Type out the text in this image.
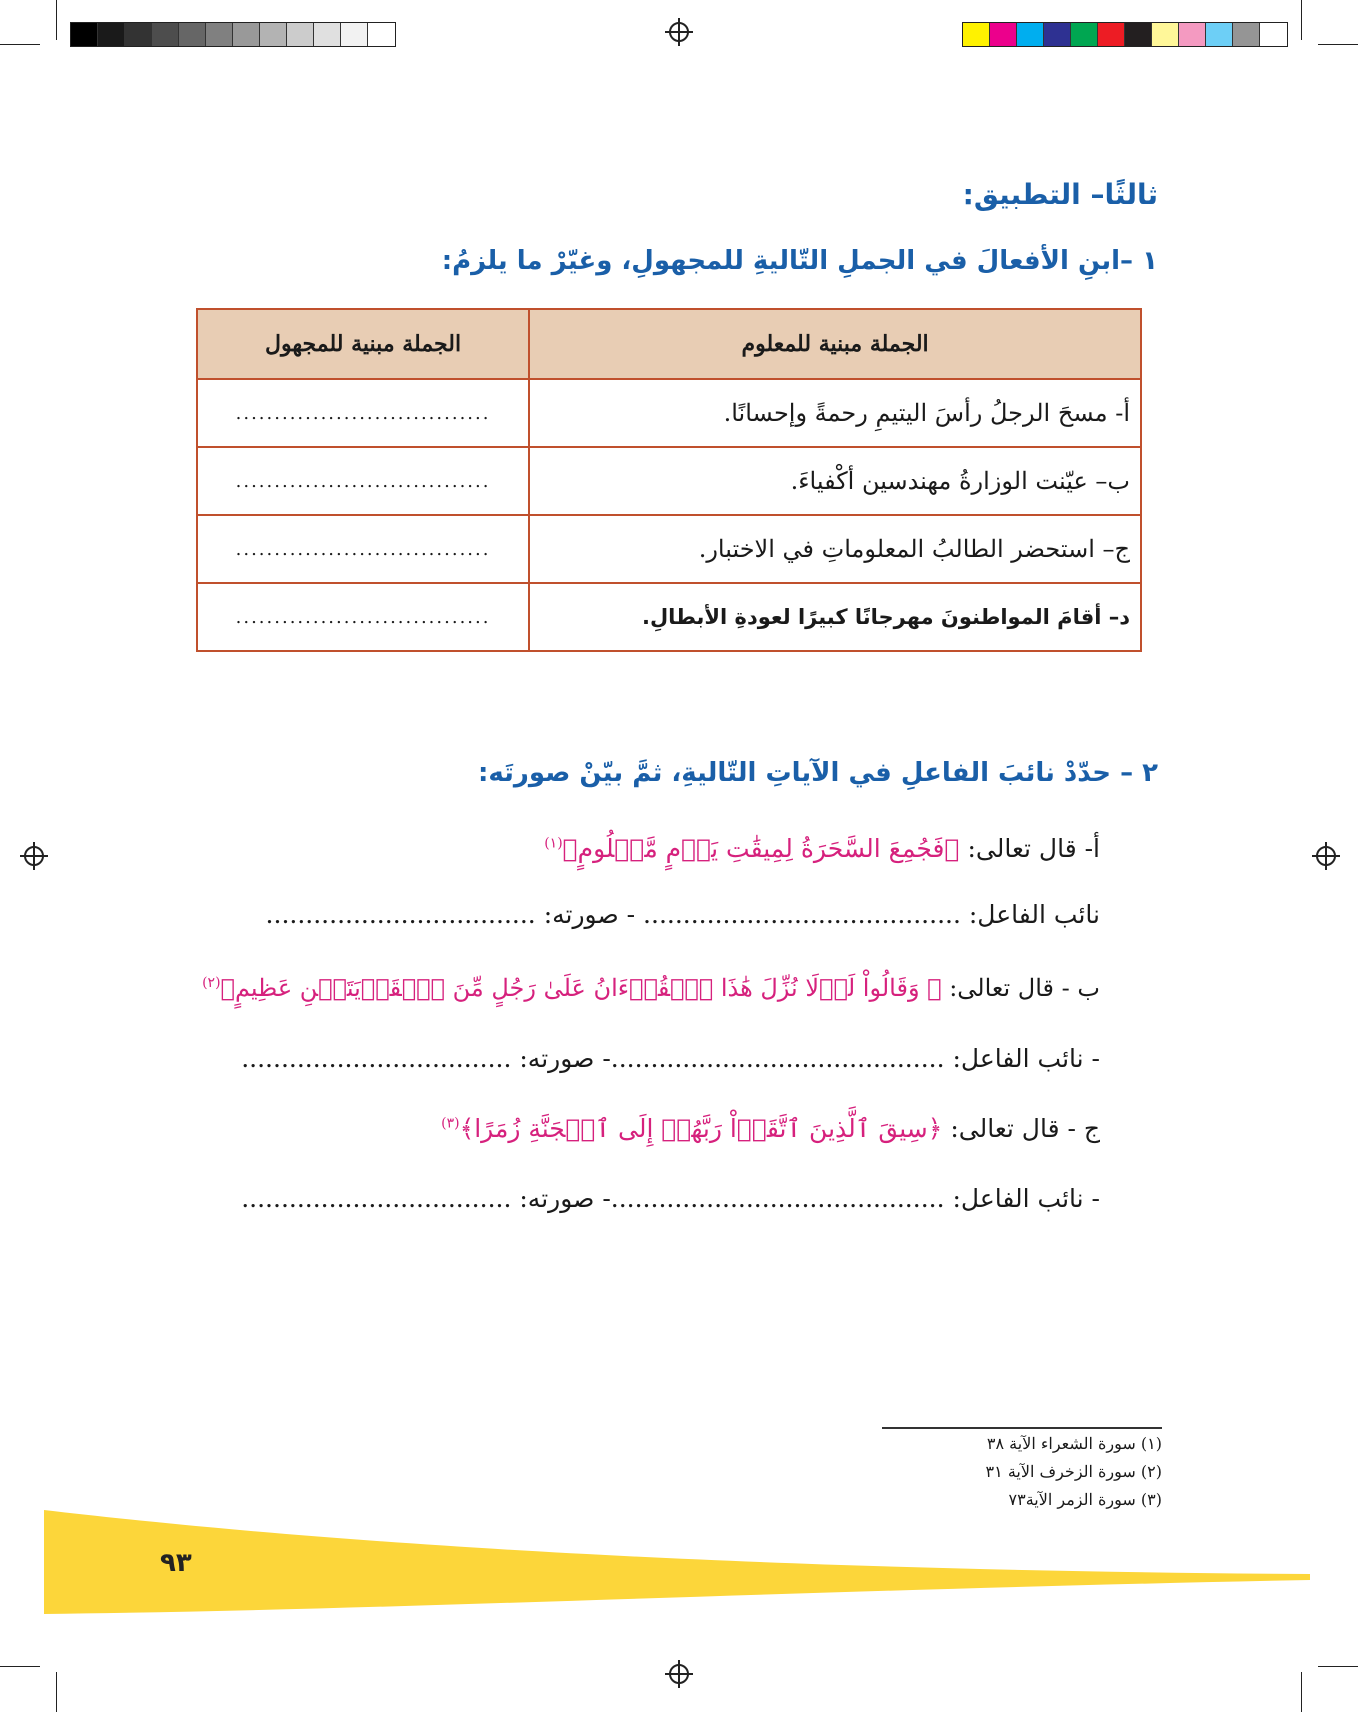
ثالثًا– التطبيق:
١ –ابنِ الأفعالَ في الجملِ التّاليةِ للمجهولِ، وغيّرْ ما يلزمُ:
الجملة مبنية للمعلوم	الجملة مبنية للمجهول
أ- مسحَ الرجلُ رأسَ اليتيمِ رحمةً وإحسانًا.	.................................
ب– عيّنت الوزارةُ مهندسين أكْفياءَ.	.................................
ج– استحضر الطالبُ المعلوماتِ في الاختبار.	.................................
د– أقامَ المواطنونَ مهرجانًا كبيرًا لعودةِ الأبطالِ.	.................................
٢ – حدّدْ نائبَ الفاعلِ في الآياتِ التّاليةِ، ثمَّ بيّنْ صورتَه:
أ- قال تعالى: ﴿فَجُمِعَ السَّحَرَةُ لِمِيقَٰتِ يَوۡمٍ مَّعۡلُومٍ﴾$^{(١)}$
نائب الفاعل: ........................................ - صورته: ..................................
ب - قال تعالى: ﴿ وَقَالُواْ لَوۡلَا نُزِّلَ هَٰذَا ٱلۡقُرۡءَانُ عَلَىٰ رَجُلٍ مِّنَ ٱلۡقَرۡيَتَيۡنِ عَظِيمٍ﴾$^{(٢)}$
- نائب الفاعل: ..........................................- صورته: ..................................
ج - قال تعالى: ﴿سِيقَ ٱلَّذِينَ ٱتَّقَوۡاْ رَبَّهُمۡ إِلَى ٱلۡجَنَّةِ زُمَرًا﴾$^{(٣)}$
- نائب الفاعل: ..........................................- صورته: ..................................
(١) سورة الشعراء الآية ٣٨
(٢) سورة الزخرف الآية ٣١
(٣) سورة الزمر الآية٧٣
٩٣
